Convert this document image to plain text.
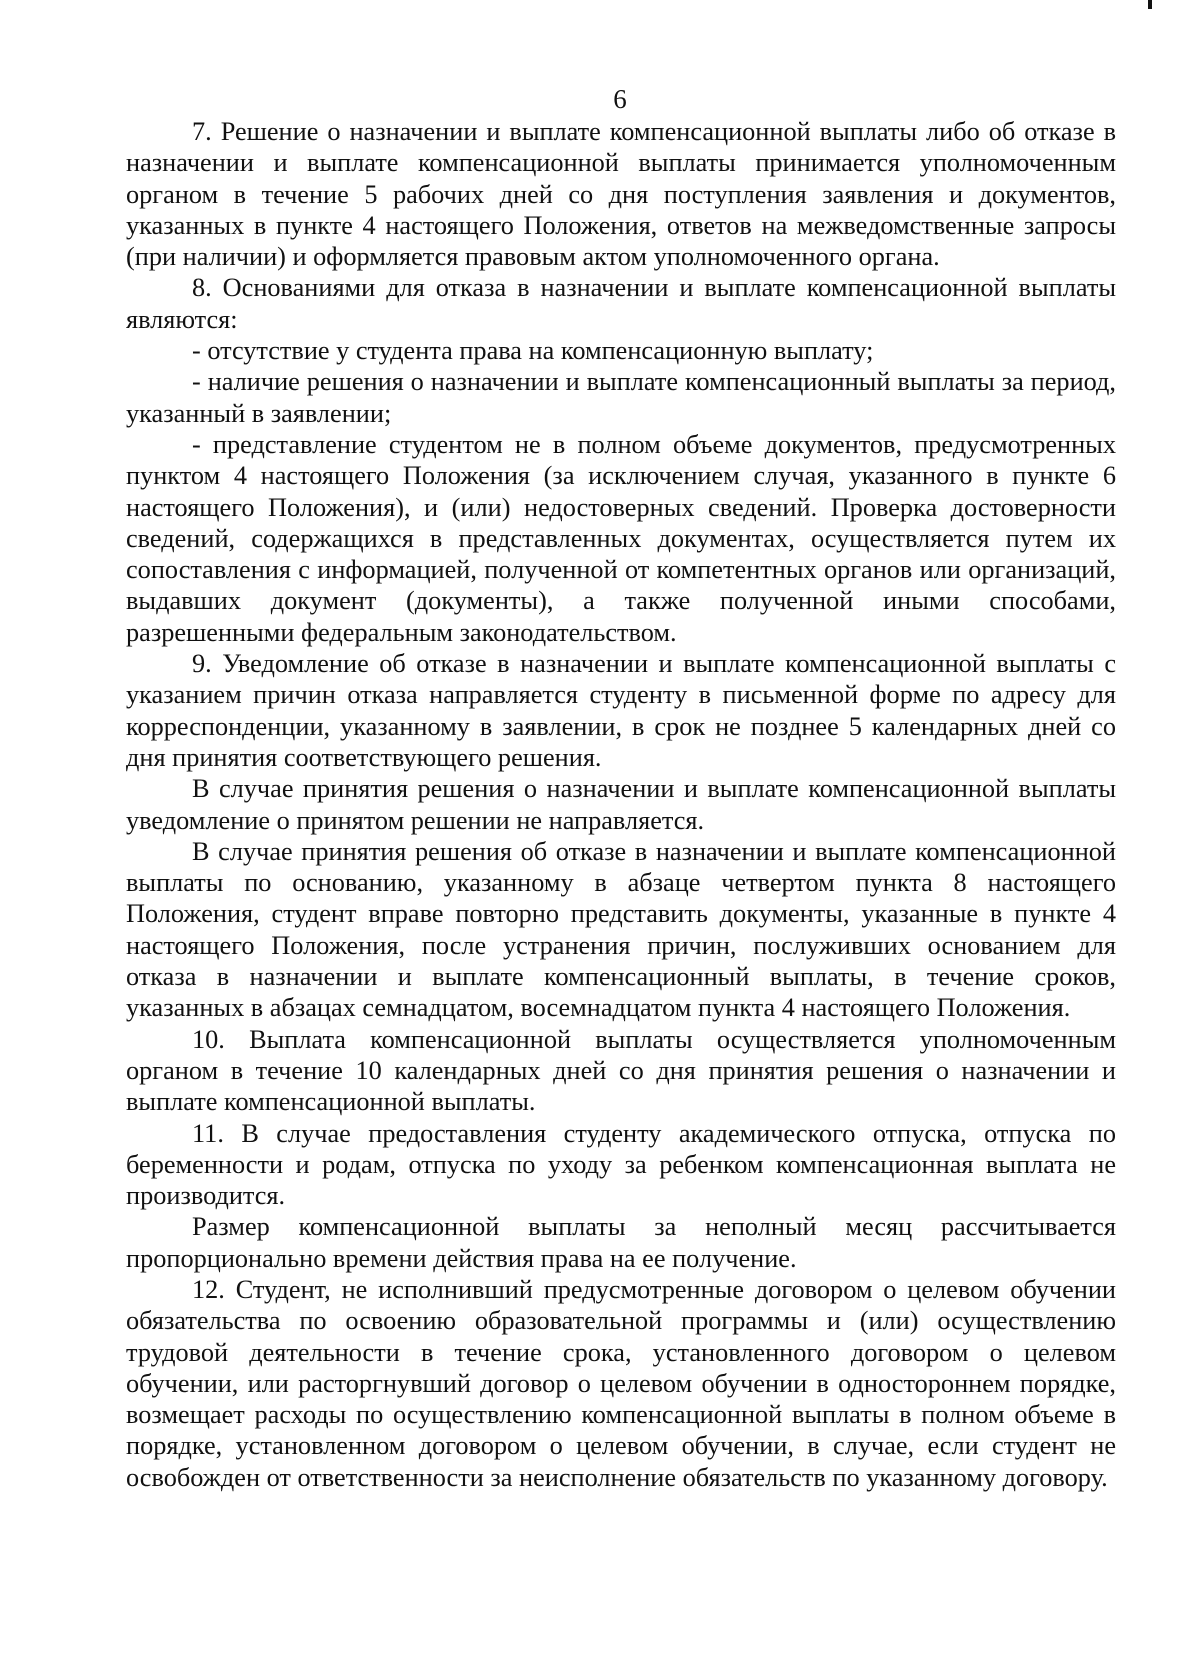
6

7. Решение о назначении и выплате компенсационной выплаты либо об отказе в назначении и выплате компенсационной выплаты принимается уполномоченным органом в течение 5 рабочих дней со дня поступления заявления и документов, указанных в пункте 4 настоящего Положения, ответов на межведомственные запросы (при наличии) и оформляется правовым актом уполномоченного органа.

8. Основаниями для отказа в назначении и выплате компенсационной выплаты являются:

- отсутствие у студента права на компенсационную выплату;

- наличие решения о назначении и выплате компенсационный выплаты за период, указанный в заявлении;

- представление студентом не в полном объеме документов, предусмотренных пунктом 4 настоящего Положения (за исключением случая, указанного в пункте 6 настоящего Положения), и (или) недостоверных сведений. Проверка достоверности сведений, содержащихся в представленных документах, осуществляется путем их сопоставления с информацией, полученной от компетентных органов или организаций, выдавших документ (документы), а также полученной иными способами, разрешенными федеральным законодательством.

9. Уведомление об отказе в назначении и выплате компенсационной выплаты с указанием причин отказа направляется студенту в письменной форме по адресу для корреспонденции, указанному в заявлении, в срок не позднее 5 календарных дней со дня принятия соответствующего решения.

В случае принятия решения о назначении и выплате компенсационной выплаты уведомление о принятом решении не направляется.

В случае принятия решения об отказе в назначении и выплате компенсационной выплаты по основанию, указанному в абзаце четвертом пункта 8 настоящего Положения, студент вправе повторно представить документы, указанные в пункте 4 настоящего Положения, после устранения причин, послуживших основанием для отказа в назначении и выплате компенсационный выплаты, в течение сроков, указанных в абзацах семнадцатом, восемнадцатом пункта 4 настоящего Положения.

10. Выплата компенсационной выплаты осуществляется уполномоченным органом в течение 10 календарных дней со дня принятия решения о назначении и выплате компенсационной выплаты.

11. В случае предоставления студенту академического отпуска, отпуска по беременности и родам, отпуска по уходу за ребенком компенсационная выплата не производится.

Размер компенсационной выплаты за неполный месяц рассчитывается пропорционально времени действия права на ее получение.

12. Студент, не исполнивший предусмотренные договором о целевом обучении обязательства по освоению образовательной программы и (или) осуществлению трудовой деятельности в течение срока, установленного договором о целевом обучении, или расторгнувший договор о целевом обучении в одностороннем порядке, возмещает расходы по осуществлению компенсационной выплаты в полном объеме в порядке, установленном договором о целевом обучении, в случае, если студент не освобожден от ответственности за неисполнение обязательств по указанному договору.
